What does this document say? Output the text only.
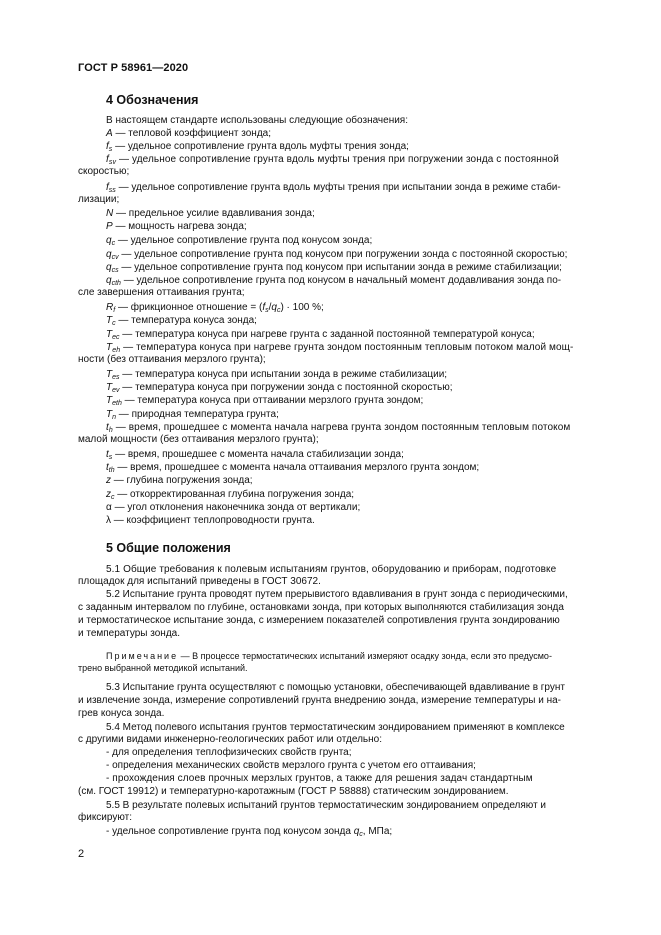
ГОСТ Р 58961—2020
4 Обозначения
В настоящем стандарте использованы следующие обозначения:
A — тепловой коэффициент зонда;
$f_s$ — удельное сопротивление грунта вдоль муфты трения зонда;
$f_{sv}$ — удельное сопротивление грунта вдоль муфты трения при погружении зонда с постоянной
скоростью;
$f_{ss}$ — удельное сопротивление грунта вдоль муфты трения при испытании зонда в режиме стаби-
лизации;
N — предельное усилие вдавливания зонда;
P — мощность нагрева зонда;
$q_c$ — удельное сопротивление грунта под конусом зонда;
$q_{cv}$ — удельное сопротивление грунта под конусом при погружении зонда с постоянной скоростью;
$q_{cs}$ — удельное сопротивление грунта под конусом при испытании зонда в режиме стабилизации;
$q_{cth}$ — удельное сопротивление грунта под конусом в начальный момент додавливания зонда по-
сле завершения оттаивания грунта;
$R_f$ — фрикционное отношение = $(f_s/q_c) \cdot 100$ %;
$T_c$ — температура конуса зонда;
$T_{ec}$ — температура конуса при нагреве грунта с заданной постоянной температурой конуса;
$T_{eh}$ — температура конуса при нагреве грунта зондом постоянным тепловым потоком малой мощ-
ности (без оттаивания мерзлого грунта);
$T_{es}$ — температура конуса при испытании зонда в режиме стабилизации;
$T_{ev}$ — температура конуса при погружении зонда с постоянной скоростью;
$T_{eth}$ — температура конуса при оттаивании мерзлого грунта зондом;
$T_n$ — природная температура грунта;
$t_h$ — время, прошедшее с момента начала нагрева грунта зондом постоянным тепловым потоком
малой мощности (без оттаивания мерзлого грунта);
$t_s$ — время, прошедшее с момента начала стабилизации зонда;
$t_{th}$ — время, прошедшее с момента начала оттаивания мерзлого грунта зондом;
z — глубина погружения зонда;
$z_c$ — откорректированная глубина погружения зонда;
α — угол отклонения наконечника зонда от вертикали;
λ — коэффициент теплопроводности грунта.
5 Общие положения
5.1 Общие требования к полевым испытаниям грунтов, оборудованию и приборам, подготовке
площадок для испытаний приведены в ГОСТ 30672.
5.2 Испытание грунта проводят путем прерывистого вдавливания в грунт зонда с периодическими,
с заданным интервалом по глубине, остановками зонда, при которых выполняются стабилизация зонда
и термостатическое испытание зонда, с измерением показателей сопротивления грунта зондированию
и температуры зонда.
Примечание — В процессе термостатических испытаний измеряют осадку зонда, если это предусмо-
трено выбранной методикой испытаний.
5.3 Испытание грунта осуществляют с помощью установки, обеспечивающей вдавливание в грунт
и извлечение зонда, измерение сопротивлений грунта внедрению зонда, измерение температуры и на-
грев конуса зонда.
5.4 Метод полевого испытания грунтов термостатическим зондированием применяют в комплексе
с другими видами инженерно-геологических работ или отдельно:
- для определения теплофизических свойств грунта;
- определения механических свойств мерзлого грунта с учетом его оттаивания;
- прохождения слоев прочных мерзлых грунтов, а также для решения задач стандартным
(см. ГОСТ 19912) и температурно-каротажным (ГОСТ Р 58888) статическим зондированием.
5.5 В результате полевых испытаний грунтов термостатическим зондированием определяют и
фиксируют:
- удельное сопротивление грунта под конусом зонда $q_c$, МПа;
2
